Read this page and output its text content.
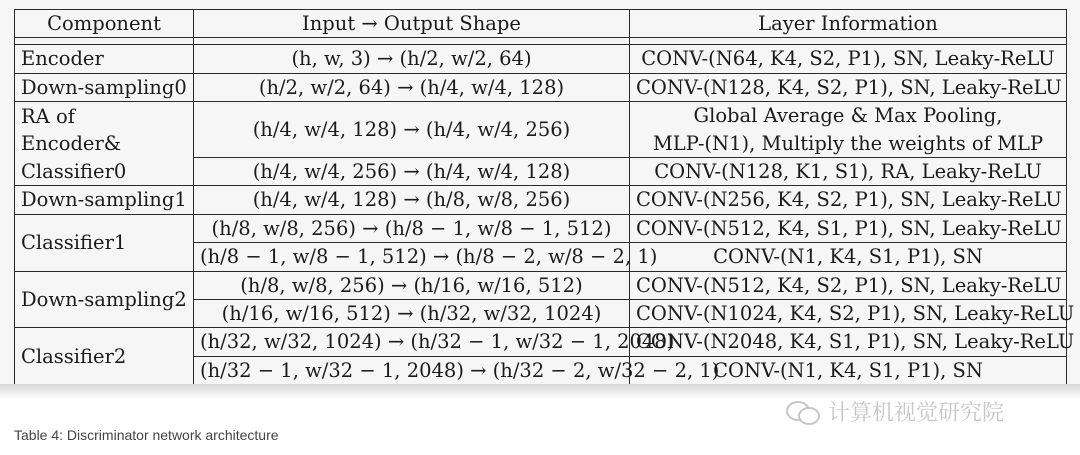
Component	Input → Output Shape	Layer Information

Encoder	(h, w, 3) → (h/2, w/2, 64)	CONV-(N64, K4, S2, P1), SN, Leaky-ReLU
Down-sampling0	(h/2, w/2, 64) → (h/4, w/4, 128)	CONV-(N128, K4, S2, P1), SN, Leaky-ReLU

RA of
Encoder&
Classifier0	(h/4, w/4, 128) → (h/4, w/4, 256)	Global Average & Max Pooling,
MLP-(N1), Multiply the weights of MLP

	(h/4, w/4, 256) → (h/4, w/4, 128)	CONV-(N128, K1, S1), RA, Leaky-ReLU
Down-sampling1	(h/4, w/4, 128) → (h/8, w/8, 256)	CONV-(N256, K4, S2, P1), SN, Leaky-ReLU
Classifier1	(h/8, w/8, 256) → (h/8 − 1, w/8 − 1, 512)	CONV-(N512, K4, S1, P1), SN, Leaky-ReLU
	(h/8 − 1, w/8 − 1, 512) → (h/8 − 2, w/8 − 2, 1)	CONV-(N1, K4, S1, P1), SN
Down-sampling2	(h/8, w/8, 256) → (h/16, w/16, 512)	CONV-(N512, K4, S2, P1), SN, Leaky-ReLU
	(h/16, w/16, 512) → (h/32, w/32, 1024)	CONV-(N1024, K4, S2, P1), SN, Leaky-ReLU
Classifier2	(h/32, w/32, 1024) → (h/32 − 1, w/32 − 1, 2048)	CONV-(N2048, K4, S1, P1), SN, Leaky-ReLU
	(h/32 − 1, w/32 − 1, 2048) → (h/32 − 2, w/32 − 2, 1)	CONV-(N1, K4, S1, P1), SN
计算机视觉研究院
Table 4: Discriminator network architecture
